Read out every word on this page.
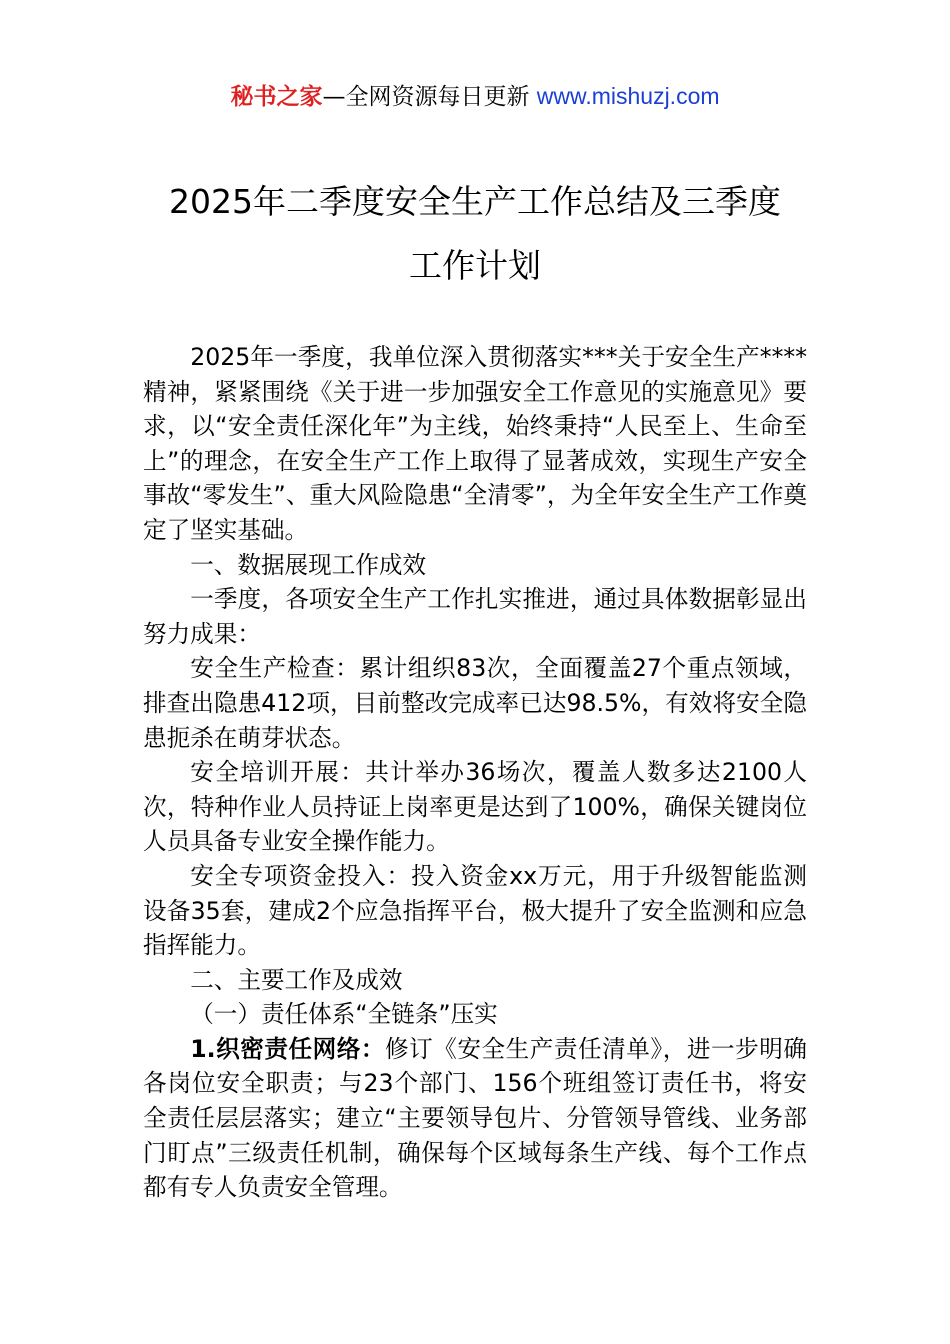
秘书之家—全网资源每日更新 www.mishuzj.com
2025年二季度安全生产工作总结及三季度
工作计划

2025年一季度，我单位深入贯彻落实***关于安全生产****精神，紧紧围绕《关于进一步加强安全工作意见的实施意见》要求，以“安全责任深化年”为主线，始终秉持“人民至上、生命至上”的理念，在安全生产工作上取得了显著成效，实现生产安全事故“零发生”、重大风险隐患“全清零”，为全年安全生产工作奠定了坚实基础。

一、数据展现工作成效

一季度，各项安全生产工作扎实推进，通过具体数据彰显出努力成果：

安全生产检查：累计组织83次，全面覆盖27个重点领域，排查出隐患412项，目前整改完成率已达98.5%，有效将安全隐患扼杀在萌芽状态。

安全培训开展：共计举办36场次，覆盖人数多达2100人次，特种作业人员持证上岗率更是达到了100%，确保关键岗位人员具备专业安全操作能力。

安全专项资金投入：投入资金xx万元，用于升级智能监测设备35套，建成2个应急指挥平台，极大提升了安全监测和应急指挥能力。

二、主要工作及成效

（一）责任体系“全链条”压实

1.织密责任网络：修订《安全生产责任清单》，进一步明确各岗位安全职责；与23个部门、156个班组签订责任书，将安全责任层层落实；建立“主要领导包片、分管领导管线、业务部门盯点”三级责任机制，确保每个区域每条生产线、每个工作点都有专人负责安全管理。
